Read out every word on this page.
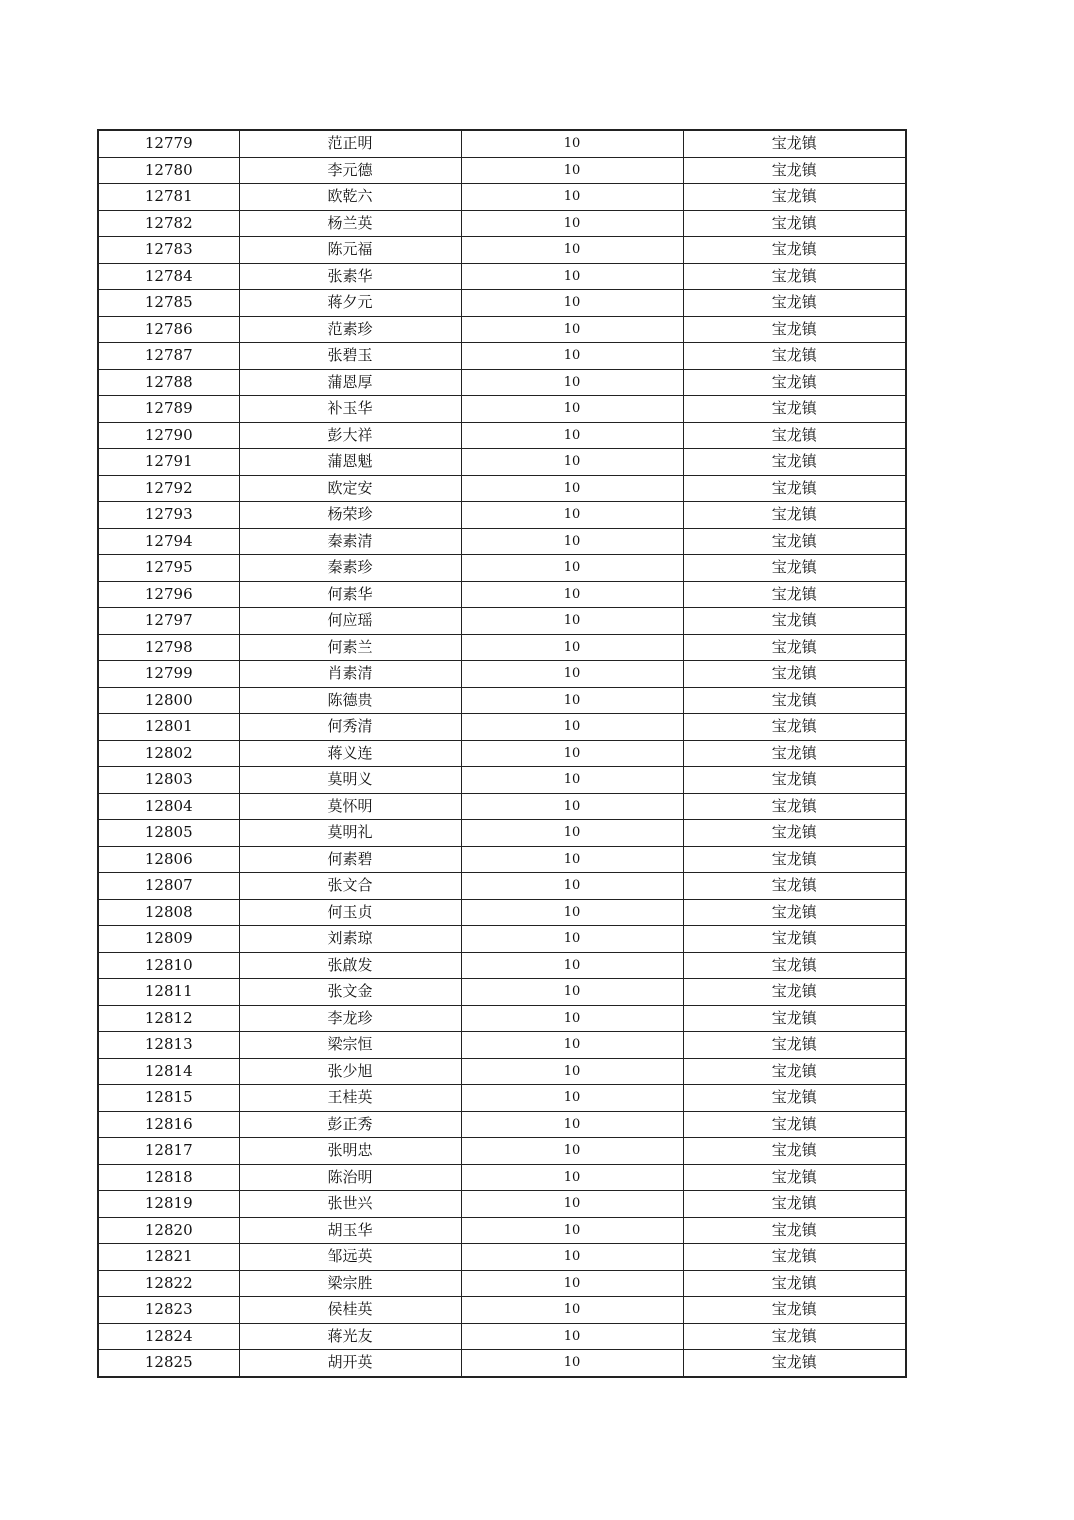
12779	范正明	10	宝龙镇
12780	李元德	10	宝龙镇
12781	欧乾六	10	宝龙镇
12782	杨兰英	10	宝龙镇
12783	陈元福	10	宝龙镇
12784	张素华	10	宝龙镇
12785	蒋夕元	10	宝龙镇
12786	范素珍	10	宝龙镇
12787	张碧玉	10	宝龙镇
12788	蒲恩厚	10	宝龙镇
12789	补玉华	10	宝龙镇
12790	彭大祥	10	宝龙镇
12791	蒲恩魁	10	宝龙镇
12792	欧定安	10	宝龙镇
12793	杨荣珍	10	宝龙镇
12794	秦素清	10	宝龙镇
12795	秦素珍	10	宝龙镇
12796	何素华	10	宝龙镇
12797	何应瑶	10	宝龙镇
12798	何素兰	10	宝龙镇
12799	肖素清	10	宝龙镇
12800	陈德贵	10	宝龙镇
12801	何秀清	10	宝龙镇
12802	蒋义连	10	宝龙镇
12803	莫明义	10	宝龙镇
12804	莫怀明	10	宝龙镇
12805	莫明礼	10	宝龙镇
12806	何素碧	10	宝龙镇
12807	张文合	10	宝龙镇
12808	何玉贞	10	宝龙镇
12809	刘素琼	10	宝龙镇
12810	张啟发	10	宝龙镇
12811	张文金	10	宝龙镇
12812	李龙珍	10	宝龙镇
12813	梁宗恒	10	宝龙镇
12814	张少旭	10	宝龙镇
12815	王桂英	10	宝龙镇
12816	彭正秀	10	宝龙镇
12817	张明忠	10	宝龙镇
12818	陈治明	10	宝龙镇
12819	张世兴	10	宝龙镇
12820	胡玉华	10	宝龙镇
12821	邹远英	10	宝龙镇
12822	梁宗胜	10	宝龙镇
12823	侯桂英	10	宝龙镇
12824	蒋光友	10	宝龙镇
12825	胡开英	10	宝龙镇
